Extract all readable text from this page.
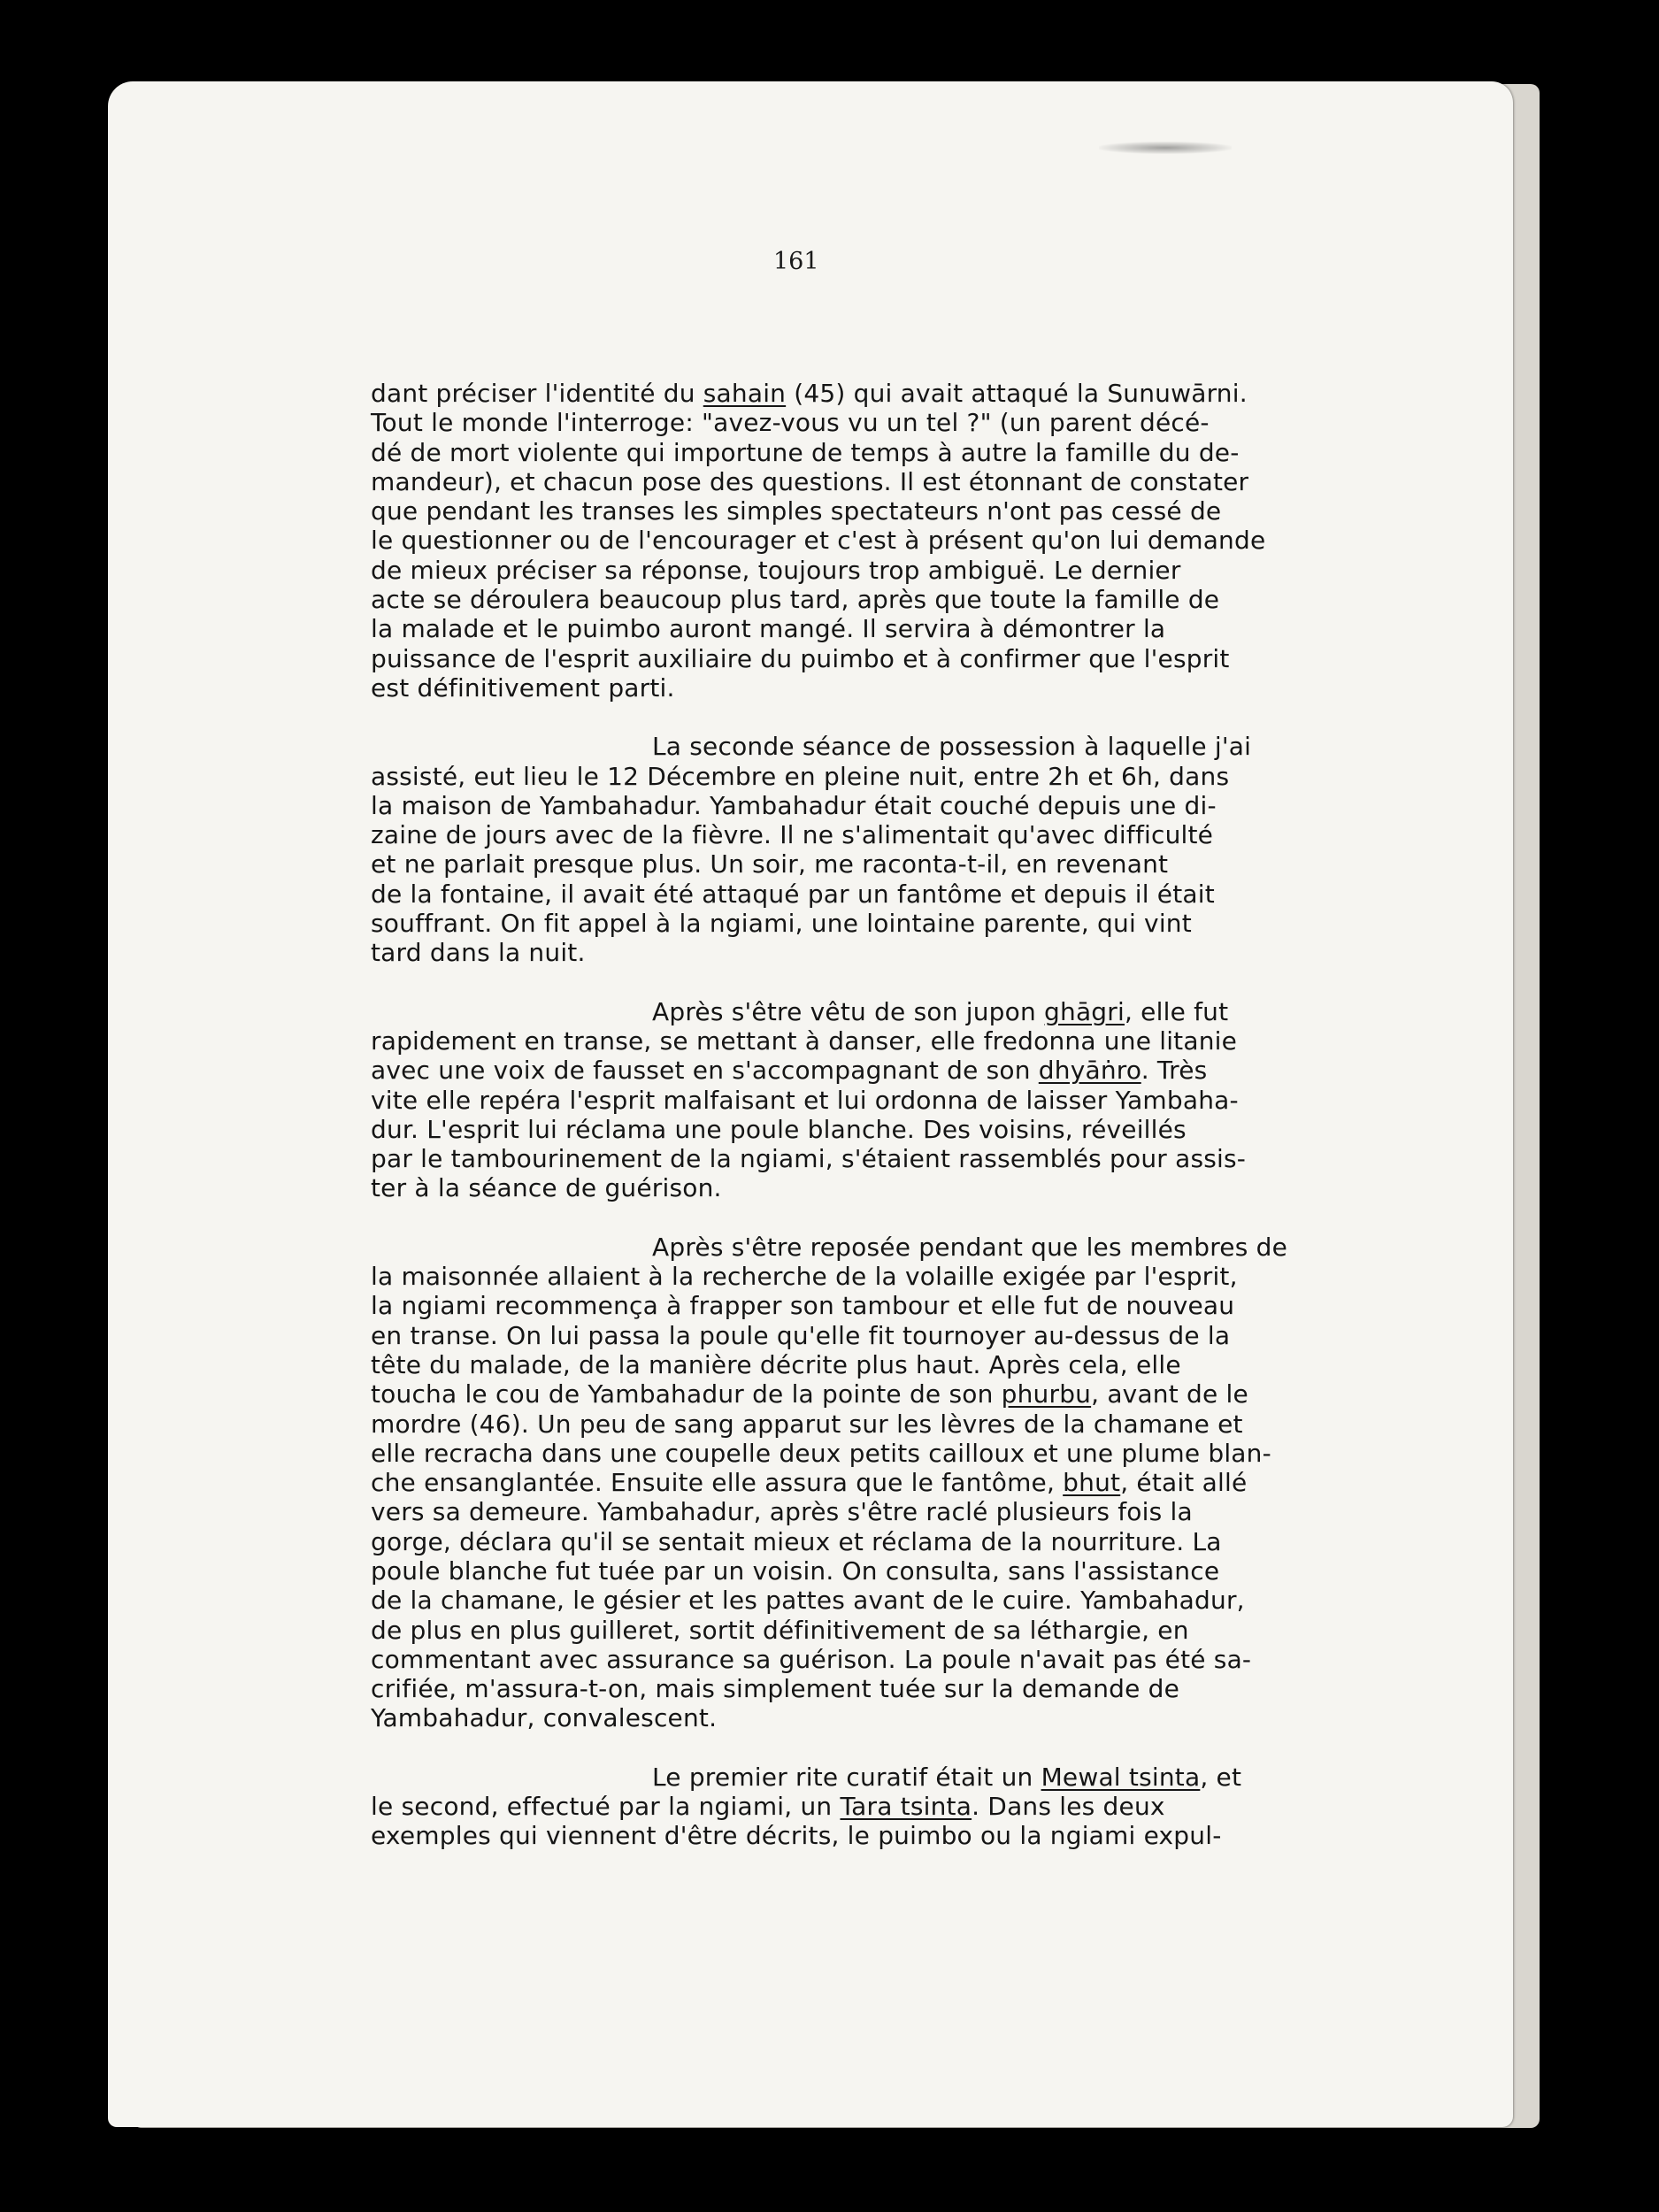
161

dant préciser l'identité du sahain (45) qui avait attaqué la Sunuwārni.
Tout le monde l'interroge: "avez-vous vu un tel ?" (un parent décé-
dé de mort violente qui importune de temps à autre la famille du de-
mandeur), et chacun pose des questions. Il est étonnant de constater
que pendant les transes les simples spectateurs n'ont pas cessé de
le questionner ou de l'encourager et c'est à présent qu'on lui demande
de mieux préciser sa réponse, toujours trop ambiguë. Le dernier
acte se déroulera beaucoup plus tard, après que toute la famille de
la malade et le puimbo auront mangé. Il servira à démontrer la
puissance de l'esprit auxiliaire du puimbo et à confirmer que l'esprit
est définitivement parti.

La seconde séance de possession à laquelle j'ai
assisté, eut lieu le 12 Décembre en pleine nuit, entre 2h et 6h, dans
la maison de Yambahadur. Yambahadur était couché depuis une di-
zaine de jours avec de la fièvre. Il ne s'alimentait qu'avec difficulté
et ne parlait presque plus. Un soir, me raconta-t-il, en revenant
de la fontaine, il avait été attaqué par un fantôme et depuis il était
souffrant. On fit appel à la ngiami, une lointaine parente, qui vint
tard dans la nuit.

Après s'être vêtu de son jupon ghāgri, elle fut
rapidement en transe, se mettant à danser, elle fredonna une litanie
avec une voix de fausset en s'accompagnant de son dhyāṅro. Très
vite elle repéra l'esprit malfaisant et lui ordonna de laisser Yambaha-
dur. L'esprit lui réclama une poule blanche. Des voisins, réveillés
par le tambourinement de la ngiami, s'étaient rassemblés pour assis-
ter à la séance de guérison.

Après s'être reposée pendant que les membres de
la maisonnée allaient à la recherche de la volaille exigée par l'esprit,
la ngiami recommença à frapper son tambour et elle fut de nouveau
en transe. On lui passa la poule qu'elle fit tournoyer au-dessus de la
tête du malade, de la manière décrite plus haut. Après cela, elle
toucha le cou de Yambahadur de la pointe de son phurbu, avant de le
mordre (46). Un peu de sang apparut sur les lèvres de la chamane et
elle recracha dans une coupelle deux petits cailloux et une plume blan-
che ensanglantée. Ensuite elle assura que le fantôme, bhut, était allé
vers sa demeure. Yambahadur, après s'être raclé plusieurs fois la
gorge, déclara qu'il se sentait mieux et réclama de la nourriture. La
poule blanche fut tuée par un voisin. On consulta, sans l'assistance
de la chamane, le gésier et les pattes avant de le cuire. Yambahadur,
de plus en plus guilleret, sortit définitivement de sa léthargie, en
commentant avec assurance sa guérison. La poule n'avait pas été sa-
crifiée, m'assura-t-on, mais simplement tuée sur la demande de
Yambahadur, convalescent.

Le premier rite curatif était un Mewal tsinta, et
le second, effectué par la ngiami, un Tara tsinta. Dans les deux
exemples qui viennent d'être décrits, le puimbo ou la ngiami expul-
